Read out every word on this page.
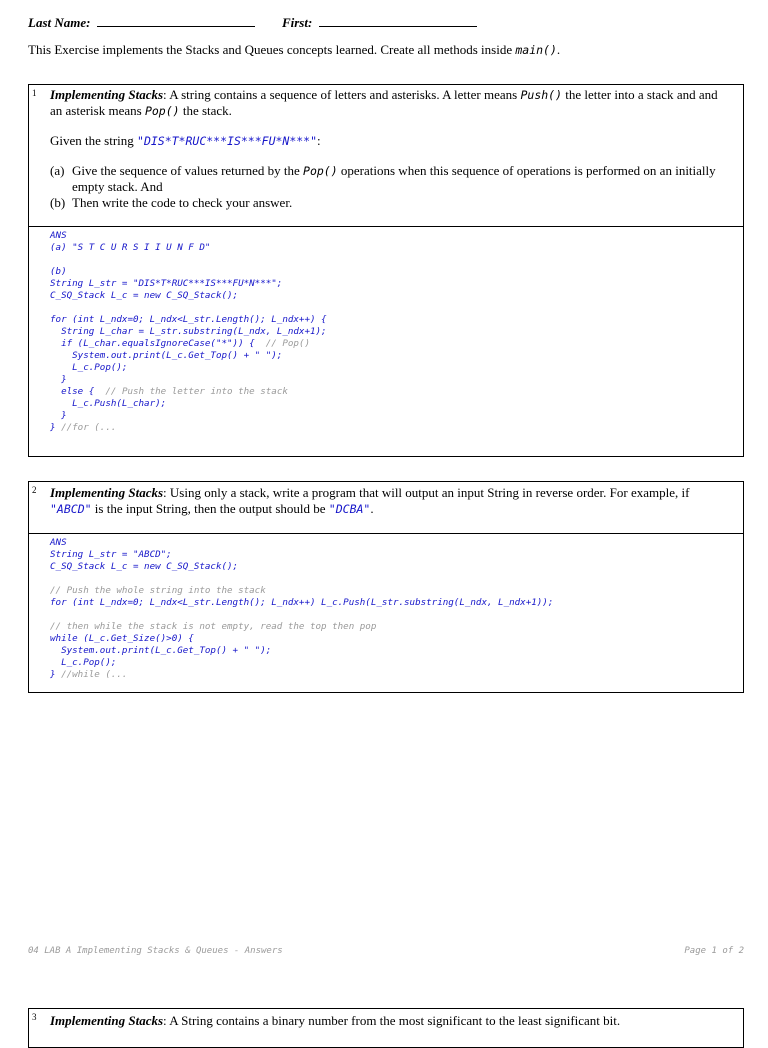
Last Name:	First:
This Exercise implements the Stacks and Queues concepts learned. Create all methods inside main().
1 Implementing Stacks: A string contains a sequence of letters and asterisks. A letter means Push() the letter into a stack and and an asterisk means Pop() the stack.
Given the string "DIS*T*RUC***IS***FU*N***":
(a) Give the sequence of values returned by the Pop() operations when this sequence of operations is performed on an initially empty stack. And
(b) Then write the code to check your answer.
ANS
(a) "S T C U R S I I U N F D"
(b)
String L_str = "DIS*T*RUC***IS***FU*N***";
C_SQ_Stack L_c = new C_SQ_Stack();
for (int L_ndx=0; L_ndx<L_str.Length(); L_ndx++) {
String L_char = L_str.substring(L_ndx, L_ndx+1);
if (L_char.equalsIgnoreCase("*")) {  // Pop()
System.out.print(L_c.Get_Top() + " ");
L_c.Pop();
}
else {  // Push the letter into the stack
L_c.Push(L_char);
}
} //for (...
2 Implementing Stacks: Using only a stack, write a program that will output an input String in reverse order. For example, if "ABCD" is the input String, then the output should be "DCBA".
ANS
String L_str = "ABCD";
C_SQ_Stack L_c = new C_SQ_Stack();
// Push the whole string into the stack
for (int L_ndx=0; L_ndx<L_str.Length(); L_ndx++) L_c.Push(L_str.substring(L_ndx, L_ndx+1));
// then while the stack is not empty, read the top then pop
while (L_c.Get_Size()>0) {
System.out.print(L_c.Get_Top() + " ");
L_c.Pop();
} //while (...
04 LAB A Implementing Stacks & Queues - Answers	Page 1 of 2
3 Implementing Stacks: A String contains a binary number from the most significant to the least significant bit.
